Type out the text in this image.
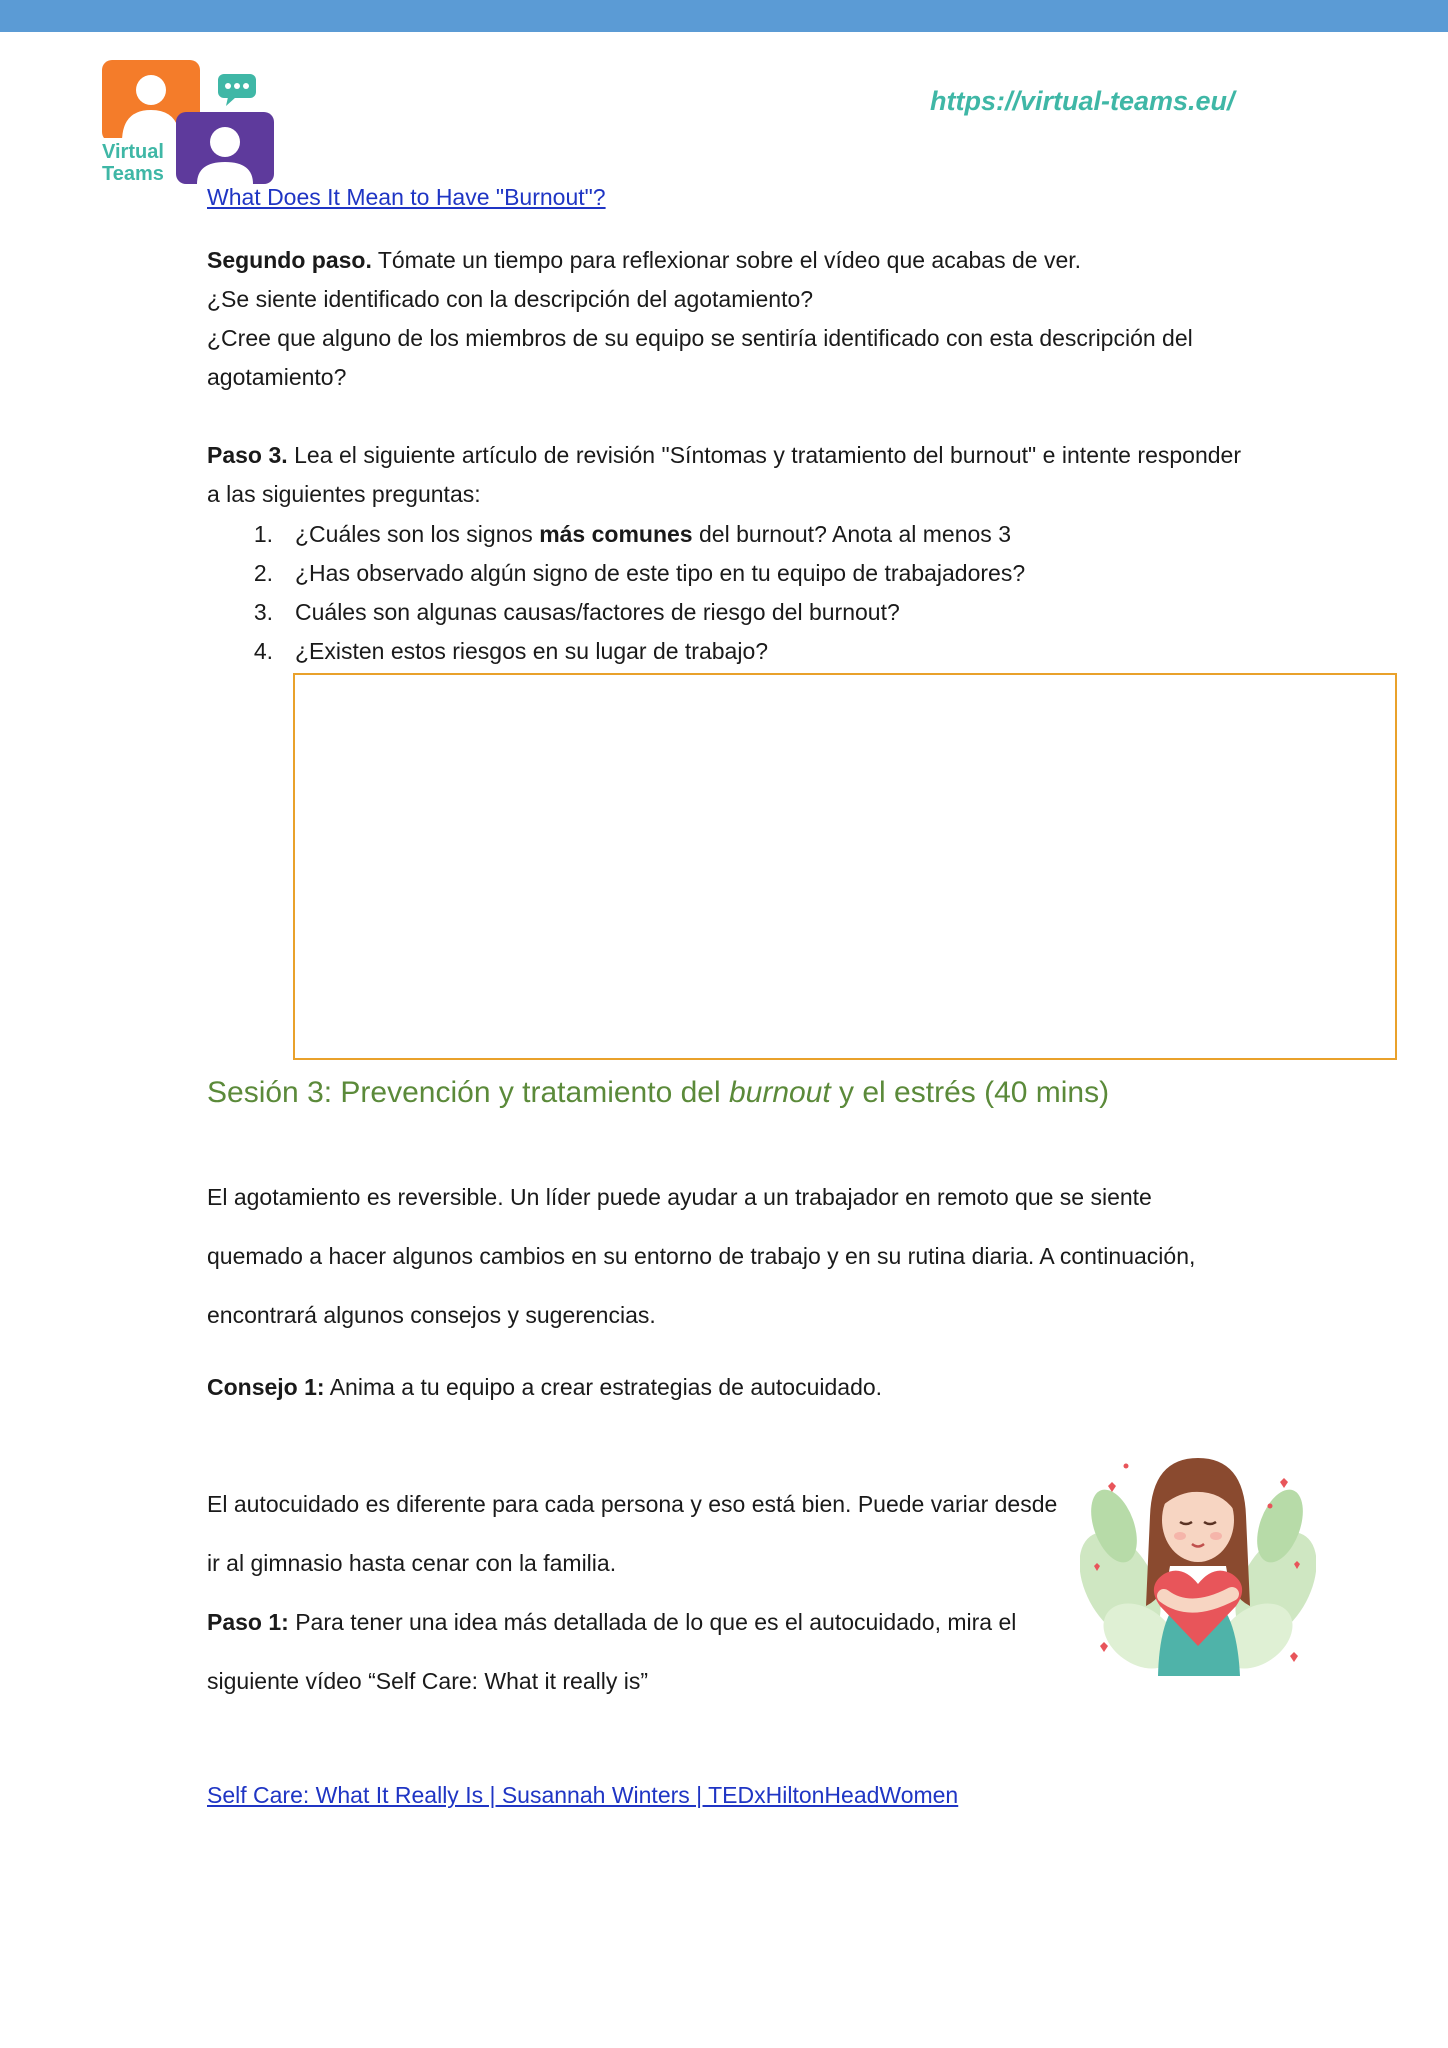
Virtual
Teams
https://virtual-teams.eu/
What Does It Mean to Have "Burnout"?

Segundo paso. Tómate un tiempo para reflexionar sobre el vídeo que acabas de ver.

¿Se siente identificado con la descripción del agotamiento?

¿Cree que alguno de los miembros de su equipo se sentiría identificado con esta descripción del agotamiento?

Paso 3. Lea el siguiente artículo de revisión "Síntomas y tratamiento del burnout" e intente responder a las siguientes preguntas:

1. ¿Cuáles son los signos más comunes del burnout? Anota al menos 3
2. ¿Has observado algún signo de este tipo en tu equipo de trabajadores?
3. Cuáles son algunas causas/factores de riesgo del burnout?
4. ¿Existen estos riesgos en su lugar de trabajo?
Sesión 3: Prevención y tratamiento del burnout y el estrés (40 mins)

El agotamiento es reversible. Un líder puede ayudar a un trabajador en remoto que se siente quemado a hacer algunos cambios en su entorno de trabajo y en su rutina diaria. A continuación, encontrará algunos consejos y sugerencias.

Consejo 1: Anima a tu equipo a crear estrategias de autocuidado.

El autocuidado es diferente para cada persona y eso está bien. Puede variar desde ir al gimnasio hasta cenar con la familia.

Paso 1: Para tener una idea más detallada de lo que es el autocuidado, mira el siguiente vídeo “Self Care: What it really is”

Self Care: What It Really Is | Susannah Winters | TEDxHiltonHeadWomen
